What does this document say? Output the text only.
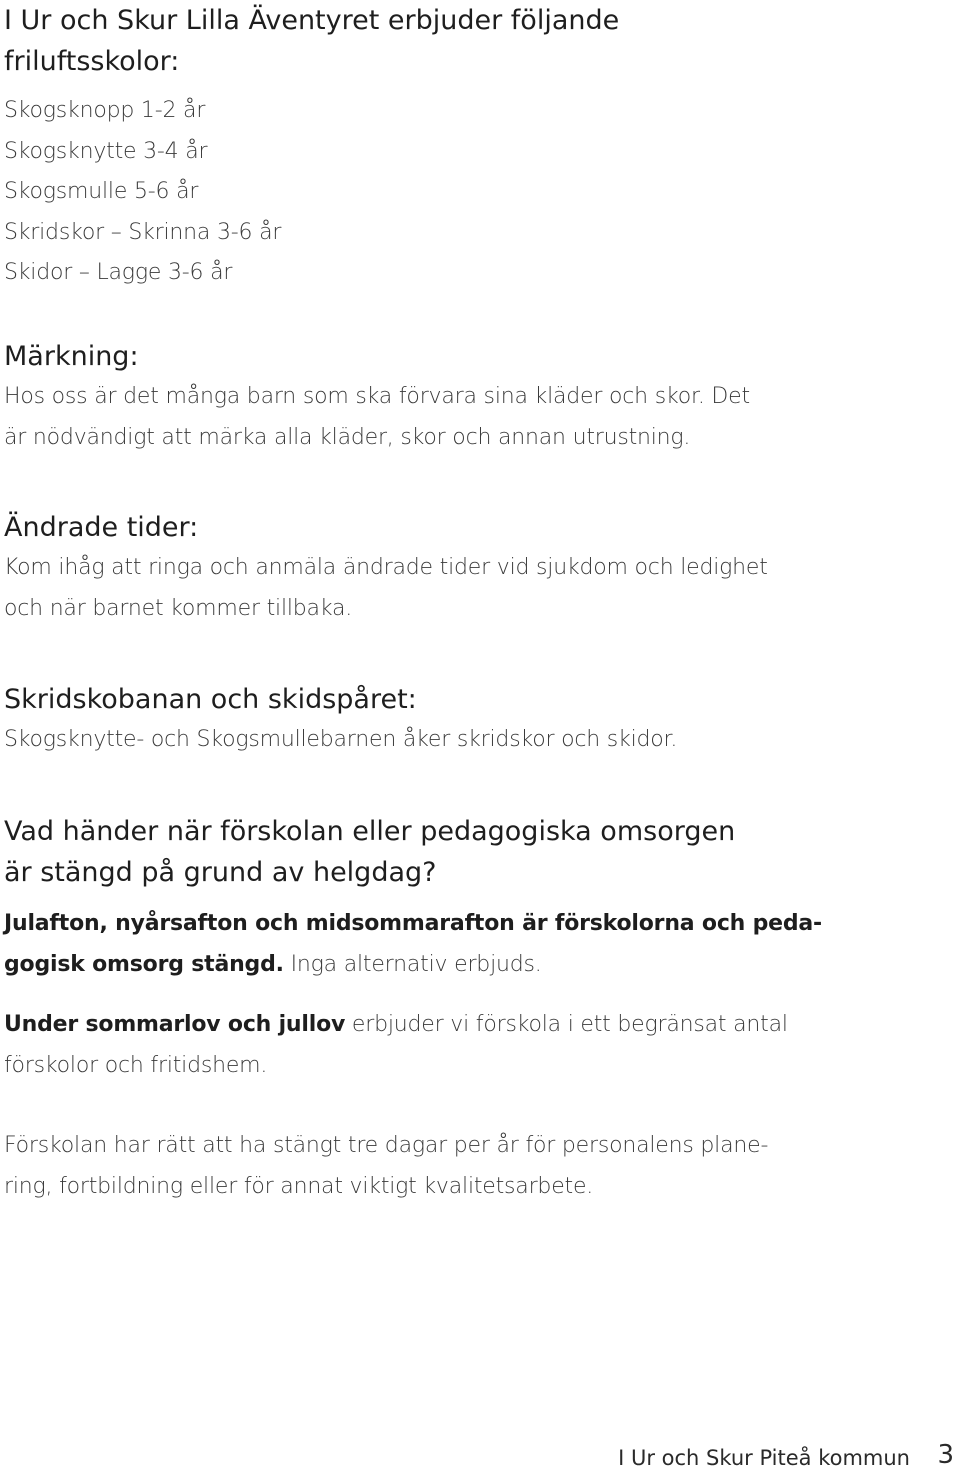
I Ur och Skur Lilla Äventyret erbjuder följande
friluftsskolor:
Skogsknopp 1-2 år
Skogsknytte 3-4 år
Skogsmulle 5-6 år
Skridskor – Skrinna 3-6 år
Skidor – Lagge 3-6 år
Märkning:
Hos oss är det många barn som ska förvara sina kläder och skor. Det
är nödvändigt att märka alla kläder, skor och annan utrustning.
Ändrade tider:
Kom ihåg att ringa och anmäla ändrade tider vid sjukdom och ledighet
och när barnet kommer tillbaka.
Skridskobanan och skidspåret:
Skogsknytte- och Skogsmullebarnen åker skridskor och skidor.
Vad händer när förskolan eller pedagogiska omsorgen
är stängd på grund av helgdag?
Julafton, nyårsafton och midsommarafton är förskolorna och peda-
gogisk omsorg stängd. Inga alternativ erbjuds.
Under sommarlov och jullov erbjuder vi förskola i ett begränsat antal
förskolor och fritidshem.
Förskolan har rätt att ha stängt tre dagar per år för personalens plane-
ring, fortbildning eller för annat viktigt kvalitetsarbete.
I Ur och Skur Piteå kommun 3
